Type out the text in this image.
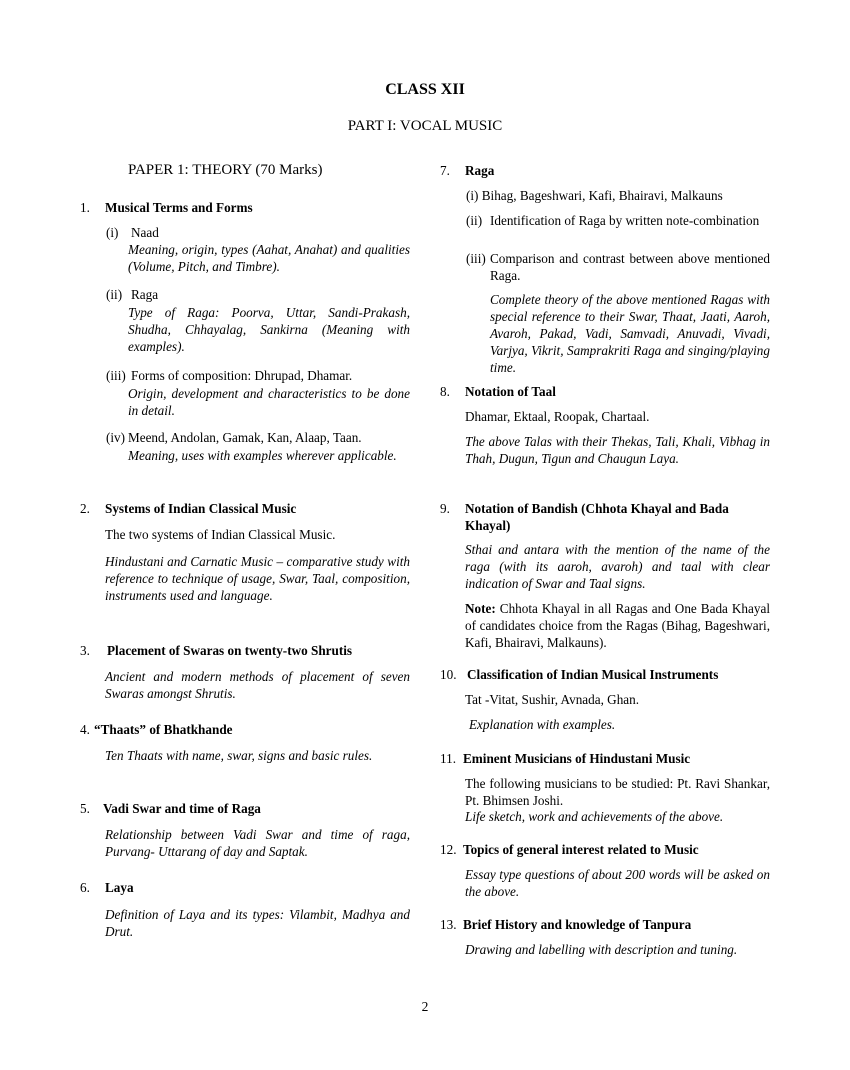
CLASS XII
PART I: VOCAL MUSIC
PAPER 1: THEORY (70 Marks)
1. Musical Terms and Forms
(i) Naad
Meaning, origin, types (Aahat, Anahat) and qualities (Volume, Pitch, and Timbre).
(ii) Raga
Type of Raga: Poorva, Uttar, Sandi-Prakash, Shudha, Chhayalag, Sankirna (Meaning with examples).
(iii) Forms of composition: Dhrupad, Dhamar.
Origin, development and characteristics to be done in detail.
(iv) Meend, Andolan, Gamak, Kan, Alaap, Taan.
Meaning, uses with examples wherever applicable.
2. Systems of Indian Classical Music
The two systems of Indian Classical Music.
Hindustani and Carnatic Music – comparative study with reference to technique of usage, Swar, Taal, composition, instruments used and language.
3. Placement of Swaras on twenty-two Shrutis
Ancient and modern methods of placement of seven Swaras amongst Shrutis.
4. “Thaats” of Bhatkhande
Ten Thaats with name, swar, signs and basic rules.
5. Vadi Swar and time of Raga
Relationship between Vadi Swar and time of raga, Purvang- Uttarang of day and Saptak.
6. Laya
Definition of Laya and its types: Vilambit, Madhya and Drut.
7. Raga
(i) Bihag, Bageshwari, Kafi, Bhairavi, Malkauns
(ii) Identification of Raga by written note-combination
(iii) Comparison and contrast between above mentioned Raga.
Complete theory of the above mentioned Ragas with special reference to their Swar, Thaat, Jaati, Aaroh, Avaroh, Pakad, Vadi, Samvadi, Anuvadi, Vivadi, Varjya, Vikrit, Samprakriti Raga and singing/playing time.
8. Notation of Taal
Dhamar, Ektaal, Roopak, Chartaal.
The above Talas with their Thekas, Tali, Khali, Vibhag in Thah, Dugun, Tigun and Chaugun Laya.
9. Notation of Bandish (Chhota Khayal and Bada Khayal)
Sthai and antara with the mention of the name of the raga (with its aaroh, avaroh) and taal with clear indication of Swar and Taal signs.
Note: Chhota Khayal in all Ragas and One Bada Khayal of candidates choice from the Ragas (Bihag, Bageshwari, Kafi, Bhairavi, Malkauns).
10. Classification of Indian Musical Instruments
Tat -Vitat, Sushir, Avnada, Ghan.
Explanation with examples.
11. Eminent Musicians of Hindustani Music
The following musicians to be studied: Pt. Ravi Shankar, Pt. Bhimsen Joshi.
Life sketch, work and achievements of the above.
12. Topics of general interest related to Music
Essay type questions of about 200 words will be asked on the above.
13. Brief History and knowledge of Tanpura
Drawing and labelling with description and tuning.
2
